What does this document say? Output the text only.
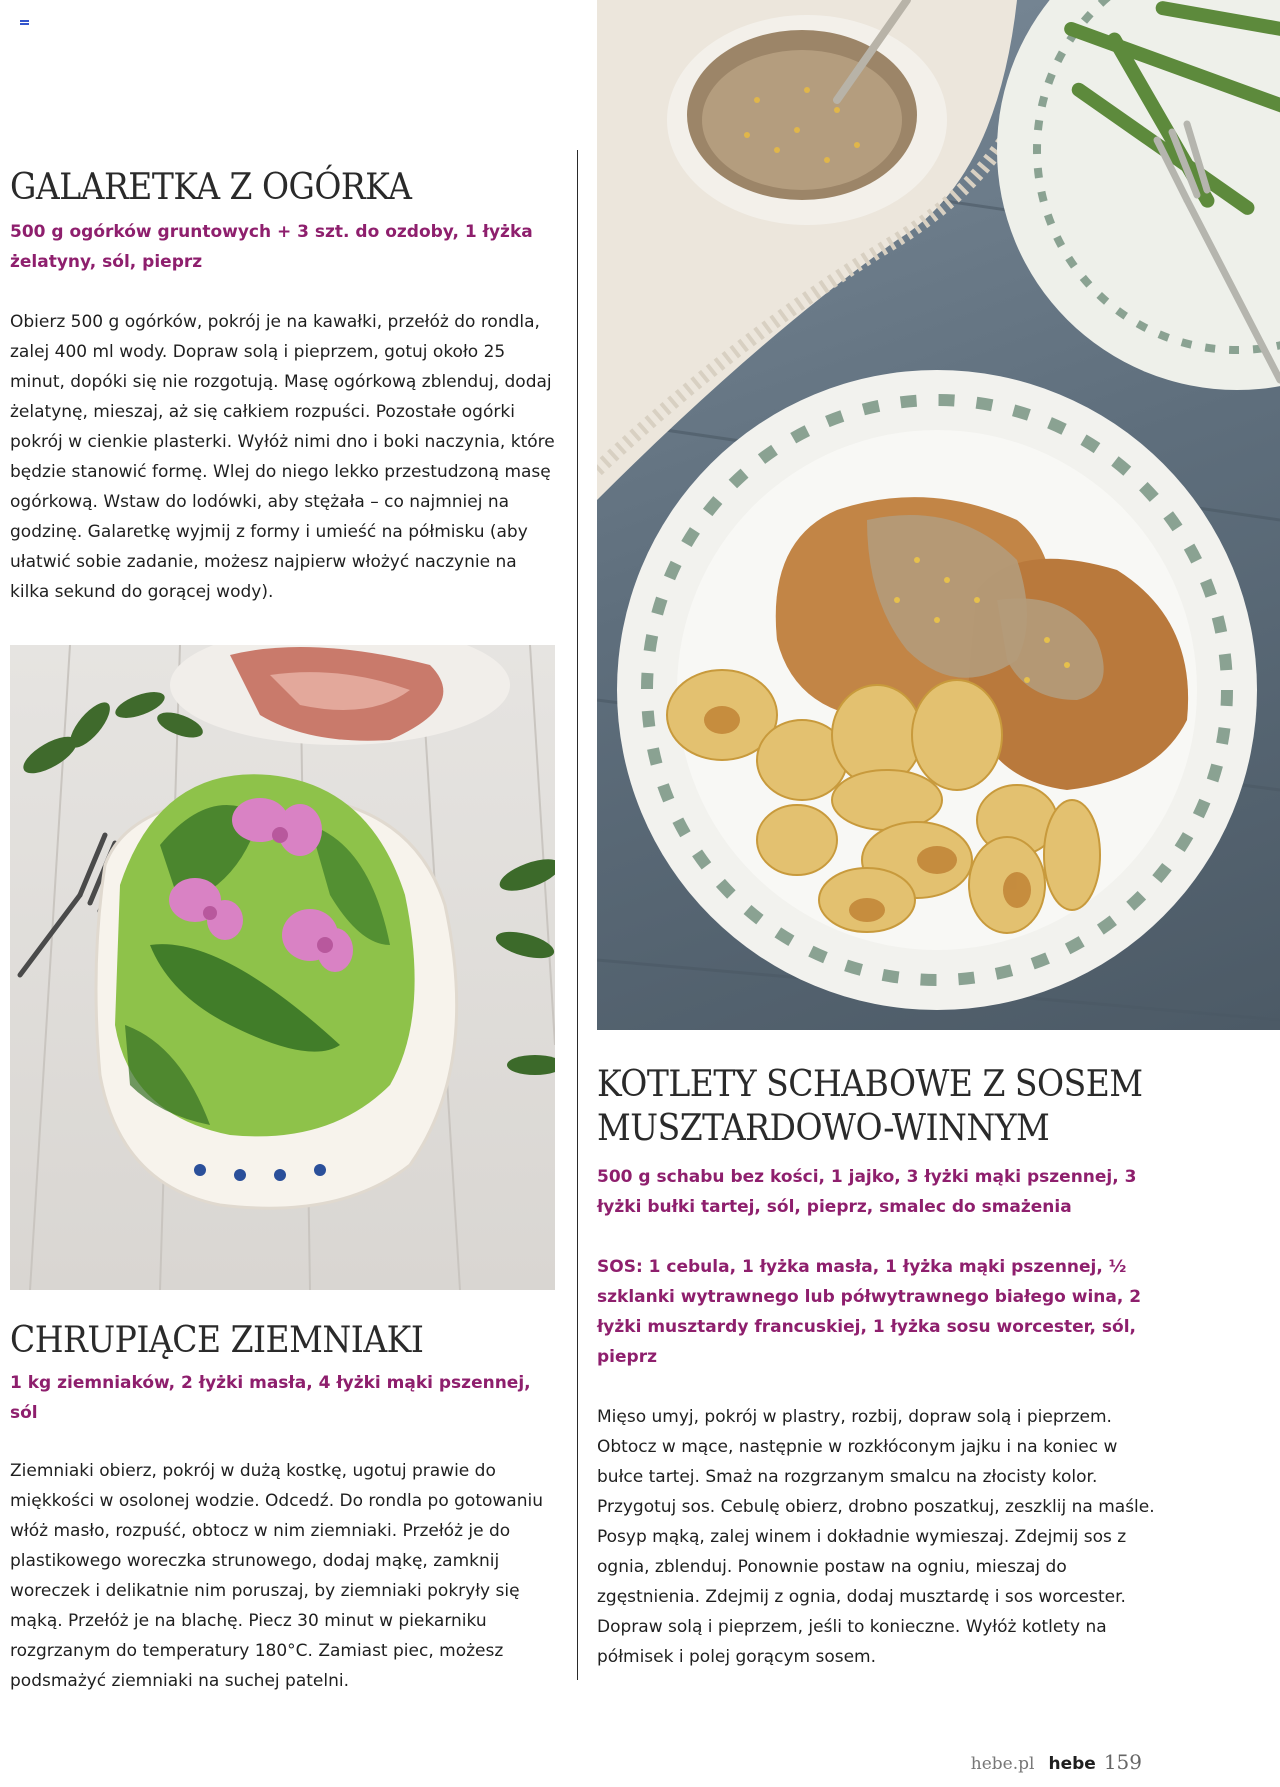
GALARETKA Z OGÓRKA

500 g ogórków gruntowych + 3 szt. do ozdoby, 1 łyżka żelatyny, sól, pieprz

Obierz 500 g ogórków, pokrój je na kawałki, przełóż do rondla, zalej 400 ml wody. Dopraw solą i pieprzem, gotuj około 25 minut, dopóki się nie rozgotują. Masę ogórkową zblenduj, dodaj żelatynę, mieszaj, aż się całkiem rozpuści. Pozostałe ogórki pokrój w cienkie plasterki. Wyłóż nimi dno i boki naczynia, które będzie stanowić formę. Wlej do niego lekko przestudzoną masę ogórkową. Wstaw do lodówki, aby stężała – co najmniej na godzinę. Galaretkę wyjmij z formy i umieść na półmisku (aby ułatwić sobie zadanie, możesz najpierw włożyć naczynie na kilka sekund do gorącej wody).

CHRUPIĄCE ZIEMNIAKI

1 kg ziemniaków, 2 łyżki masła, 4 łyżki mąki pszennej, sól

Ziemniaki obierz, pokrój w dużą kostkę, ugotuj prawie do miękkości w osolonej wodzie. Odcedź. Do rondla po gotowaniu włóż masło, rozpuść, obtocz w nim ziemniaki. Przełóż je do plastikowego woreczka strunowego, dodaj mąkę, zamknij woreczek i delikatnie nim poruszaj, by ziemniaki pokryły się mąką. Przełóż je na blachę. Piecz 30 minut w piekarniku rozgrzanym do temperatury 180°C. Zamiast piec, możesz podsmażyć ziemniaki na suchej patelni.

KOTLETY SCHABOWE Z SOSEM
MUSZTARDOWO-WINNYM

500 g schabu bez kości, 1 jajko, 3 łyżki mąki pszennej, 3 łyżki bułki tartej, sól, pieprz, smalec do smażenia

SOS: 1 cebula, 1 łyżka masła, 1 łyżka mąki pszennej, ½ szklanki wytrawnego lub półwytrawnego białego wina, 2 łyżki musztardy francuskiej, 1 łyżka sosu worcester, sól, pieprz

Mięso umyj, pokrój w plastry, rozbij, dopraw solą i pieprzem. Obtocz w mące, następnie w rozkłóconym jajku i na koniec w bułce tartej. Smaż na rozgrzanym smalcu na złocisty kolor. Przygotuj sos. Cebulę obierz, drobno poszatkuj, zeszklij na maśle. Posyp mąką, zalej winem i dokładnie wymieszaj. Zdejmij sos z ognia, zblenduj. Ponownie postaw na ogniu, mieszaj do zgęstnienia. Zdejmij z ognia, dodaj musztardę i sos worcester. Dopraw solą i pieprzem, jeśli to konieczne. Wyłóż kotlety na półmisek i polej gorącym sosem.

hebe.pl hebe 159
